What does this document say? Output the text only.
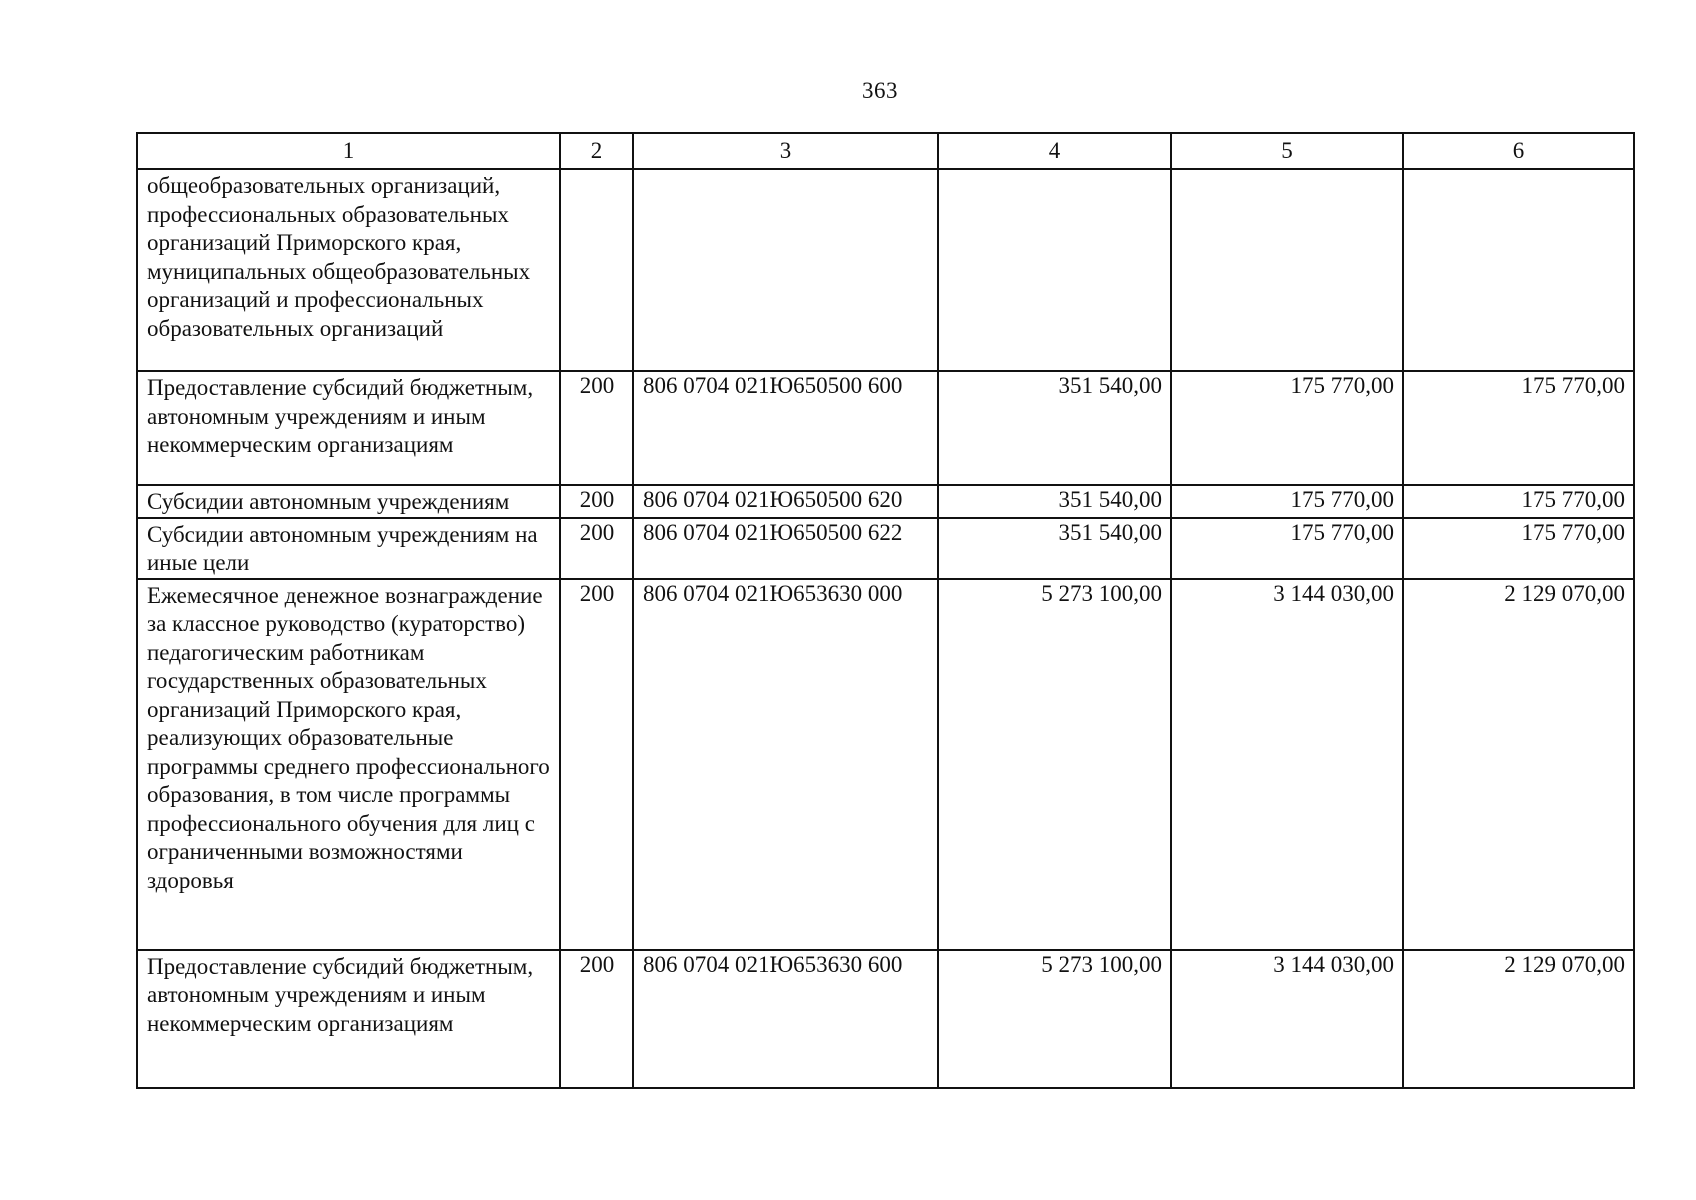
363
1	2	3	4	5	6

общеобразовательных организаций, профессиональных образовательных организаций Приморского края, муниципальных общеобразовательных организаций и профессиональных образовательных организаций					

Предоставление субсидий бюджетным, автономным учреждениям и иным некоммерческим организациям	200	806 0704 021Ю650500 600	351 540,00	175 770,00	175 770,00

Субсидии автономным учреждениям	200	806 0704 021Ю650500 620	351 540,00	175 770,00	175 770,00

Субсидии автономным учреждениям на иные цели	200	806 0704 021Ю650500 622	351 540,00	175 770,00	175 770,00

Ежемесячное денежное вознаграждение за классное руководство (кураторство) педагогическим работникам государственных образовательных организаций Приморского края, реализующих образовательные программы среднего профессионального образования, в том числе программы профессионального обучения для лиц с ограниченными возможностями здоровья	200	806 0704 021Ю653630 000	5 273 100,00	3 144 030,00	2 129 070,00

Предоставление субсидий бюджетным, автономным учреждениям и иным некоммерческим организациям	200	806 0704 021Ю653630 600	5 273 100,00	3 144 030,00	2 129 070,00
